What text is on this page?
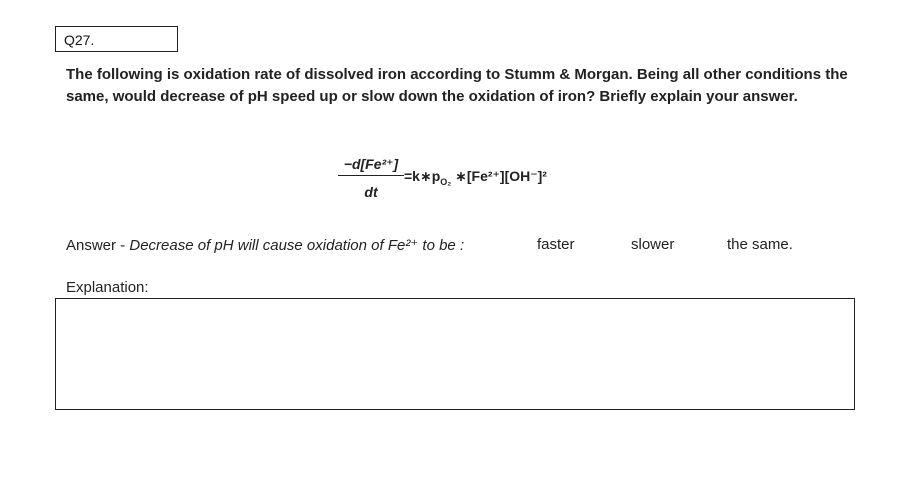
Q27.
The following is oxidation rate of dissolved iron according to Stumm & Morgan. Being all other conditions the same, would decrease of pH speed up or slow down the oxidation of iron? Briefly explain your answer.
$\frac{\text{−d[Fe²⁺]}}{dt}$ $=k∗p_{O_2}$ ∗[Fe²⁺][OH⁻]²
Answer - Decrease of pH will cause oxidation of Fe²⁺ to be :	faster	slower	the same.
Explanation:
